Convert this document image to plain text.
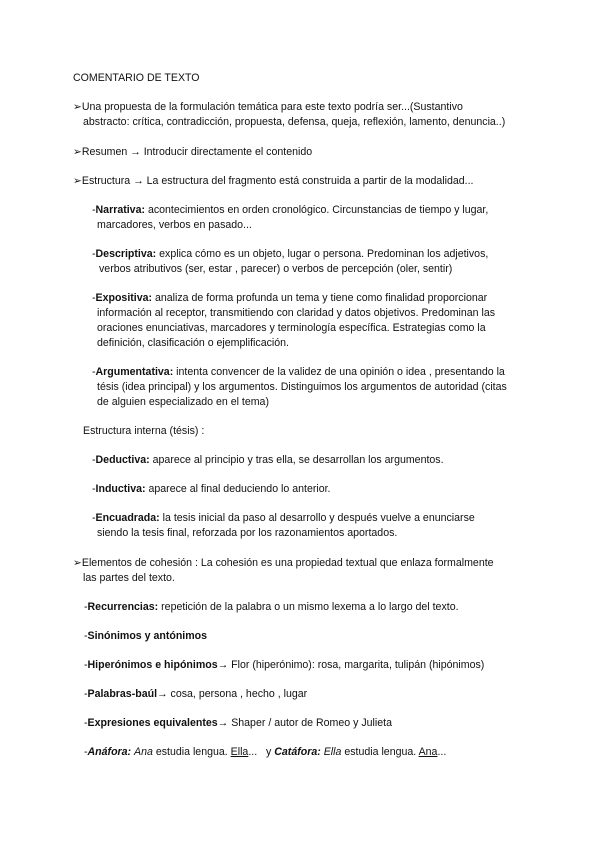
COMENTARIO DE TEXTO
➢Una propuesta de la formulación temática para este texto podría ser...(Sustantivo
abstracto: crítica, contradicción, propuesta, defensa, queja, reflexión, lamento, denuncia..)
➢Resumen → Introducir directamente el contenido
➢Estructura → La estructura del fragmento está construida a partir de la modalidad...
-Narrativa: acontecimientos en orden cronológico. Circunstancias de tiempo y lugar,
marcadores, verbos en pasado...
-Descriptiva: explica cómo es un objeto, lugar o persona. Predominan los adjetivos,
verbos atributivos (ser, estar , parecer) o verbos de percepción (oler, sentir)
-Expositiva: analiza de forma profunda un tema y tiene como finalidad proporcionar
información al receptor, transmitiendo con claridad y datos objetivos. Predominan las
oraciones enunciativas, marcadores y terminología específica. Estrategias como la
definición, clasificación o ejemplificación.
-Argumentativa: intenta convencer de la validez de una opinión o idea , presentando la
tésis (idea principal) y los argumentos. Distinguimos los argumentos de autoridad (citas
de alguien especializado en el tema)
Estructura interna (tésis) :
-Deductiva: aparece al principio y tras ella, se desarrollan los argumentos.
-Inductiva: aparece al final deduciendo lo anterior.
-Encuadrada: la tesis inicial da paso al desarrollo y después vuelve a enunciarse
siendo la tesis final, reforzada por los razonamientos aportados.
➢Elementos de cohesión : La cohesión es una propiedad textual que enlaza formalmente
las partes del texto.
-Recurrencias: repetición de la palabra o un mismo lexema a lo largo del texto.
-Sinónimos y antónimos
-Hiperónimos e hipónimos→ Flor (hiperónimo): rosa, margarita, tulipán (hipónimos)
-Palabras-baúl→ cosa, persona , hecho , lugar
-Expresiones equivalentes→ Shaper / autor de Romeo y Julieta
-Anáfora: Ana estudia lengua. Ella... y Catáfora: Ella estudia lengua. Ana...
